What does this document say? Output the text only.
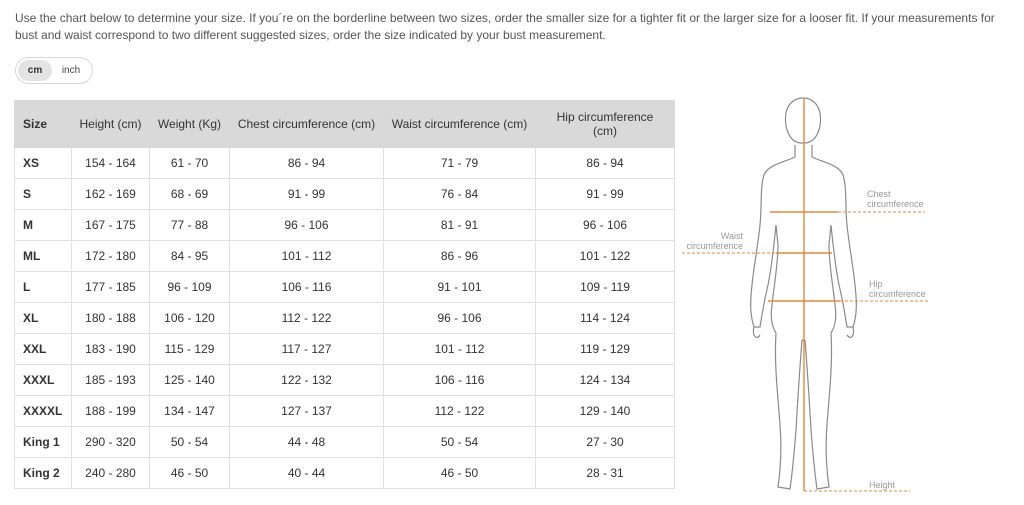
Use the chart below to determine your size. If you´re on the borderline between two sizes, order the smaller size for a tighter fit or the larger size for a looser fit. If your measurements for bust and waist correspond to two different suggested sizes, order the size indicated by your bust measurement.
cm	inch
Size	Height (cm)	Weight (Kg)	Chest circumference (cm)	Waist circumference (cm)	Hip circumference (cm)
XS	154 - 164	61 - 70	86 - 94	71 - 79	86 - 94
S	162 - 169	68 - 69	91 - 99	76 - 84	91 - 99
M	167 - 175	77 - 88	96 - 106	81 - 91	96 - 106
ML	172 - 180	84 - 95	101 - 112	86 - 96	101 - 122
L	177 - 185	96 - 109	106 - 116	91 - 101	109 - 119
XL	180 - 188	106 - 120	112 - 122	96 - 106	114 - 124
XXL	183 - 190	115 - 129	117 - 127	101 - 112	119 - 129
XXXL	185 - 193	125 - 140	122 - 132	106 - 116	124 - 134
XXXXL	188 - 199	134 - 147	127 - 137	112 - 122	129 - 140
King 1	290 - 320	50 - 54	44 - 48	50 - 54	27 - 30
King 2	240 - 280	46 - 50	40 - 44	46 - 50	28 - 31
Chest
circumference
Waist
circumference
Hip
circumference
Height
